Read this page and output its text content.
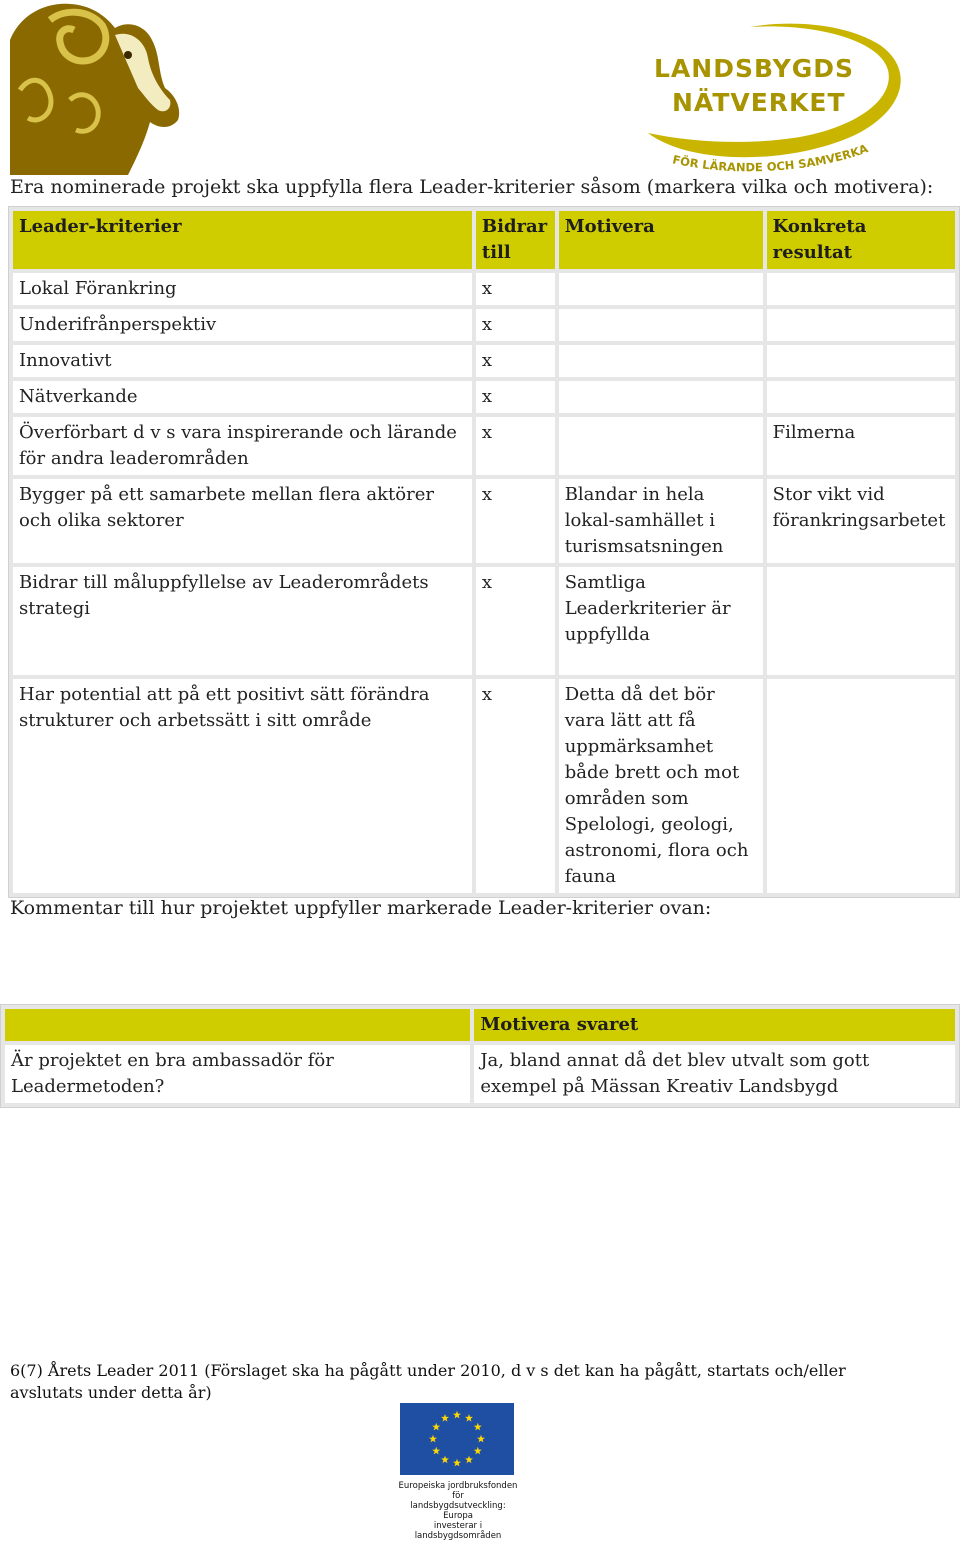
LANDSBYGDS
NÄTVERKET
FÖR LÄRANDE OCH SAMVERKA
Era nominerade projekt ska uppfylla flera Leader-kriterier såsom (markera vilka och motivera):
Leader-kriterier	Bidrar till	Motivera	Konkreta resultat
Lokal Förankring	x		
Underifrånperspektiv	x		
Innovativt	x		
Nätverkande	x		
Överförbart d v s vara inspirerande och lärande för andra leaderområden	x		Filmerna
Bygger på ett samarbete mellan flera aktörer och olika sektorer	x	Blandar in hela lokal-samhället i turismsatsningen	Stor vikt vid förankringsarbetet
Bidrar till måluppfyllelse av Leaderområdets strategi	x	Samtliga Leaderkriterier är uppfyllda	
Har potential att på ett positivt sätt förändra strukturer och arbetssätt i sitt område	x	Detta då det bör vara lätt att få uppmärksamhet både brett och mot områden som Spelologi, geologi, astronomi, flora och fauna	
Kommentar till hur projektet uppfyller markerade Leader-kriterier ovan:
	Motivera svaret
Är projektet en bra ambassadör för Leadermetoden?	Ja, bland annat då det blev utvalt som gott exempel på Mässan Kreativ Landsbygd
6(7) Årets Leader 2011 (Förslaget ska ha pågått under 2010, d v s det kan ha pågått, startats och/eller avslutats under detta år)
Europeiska jordbruksfonden för
landsbygdsutveckling: Europa
investerar i landsbygdsområden
